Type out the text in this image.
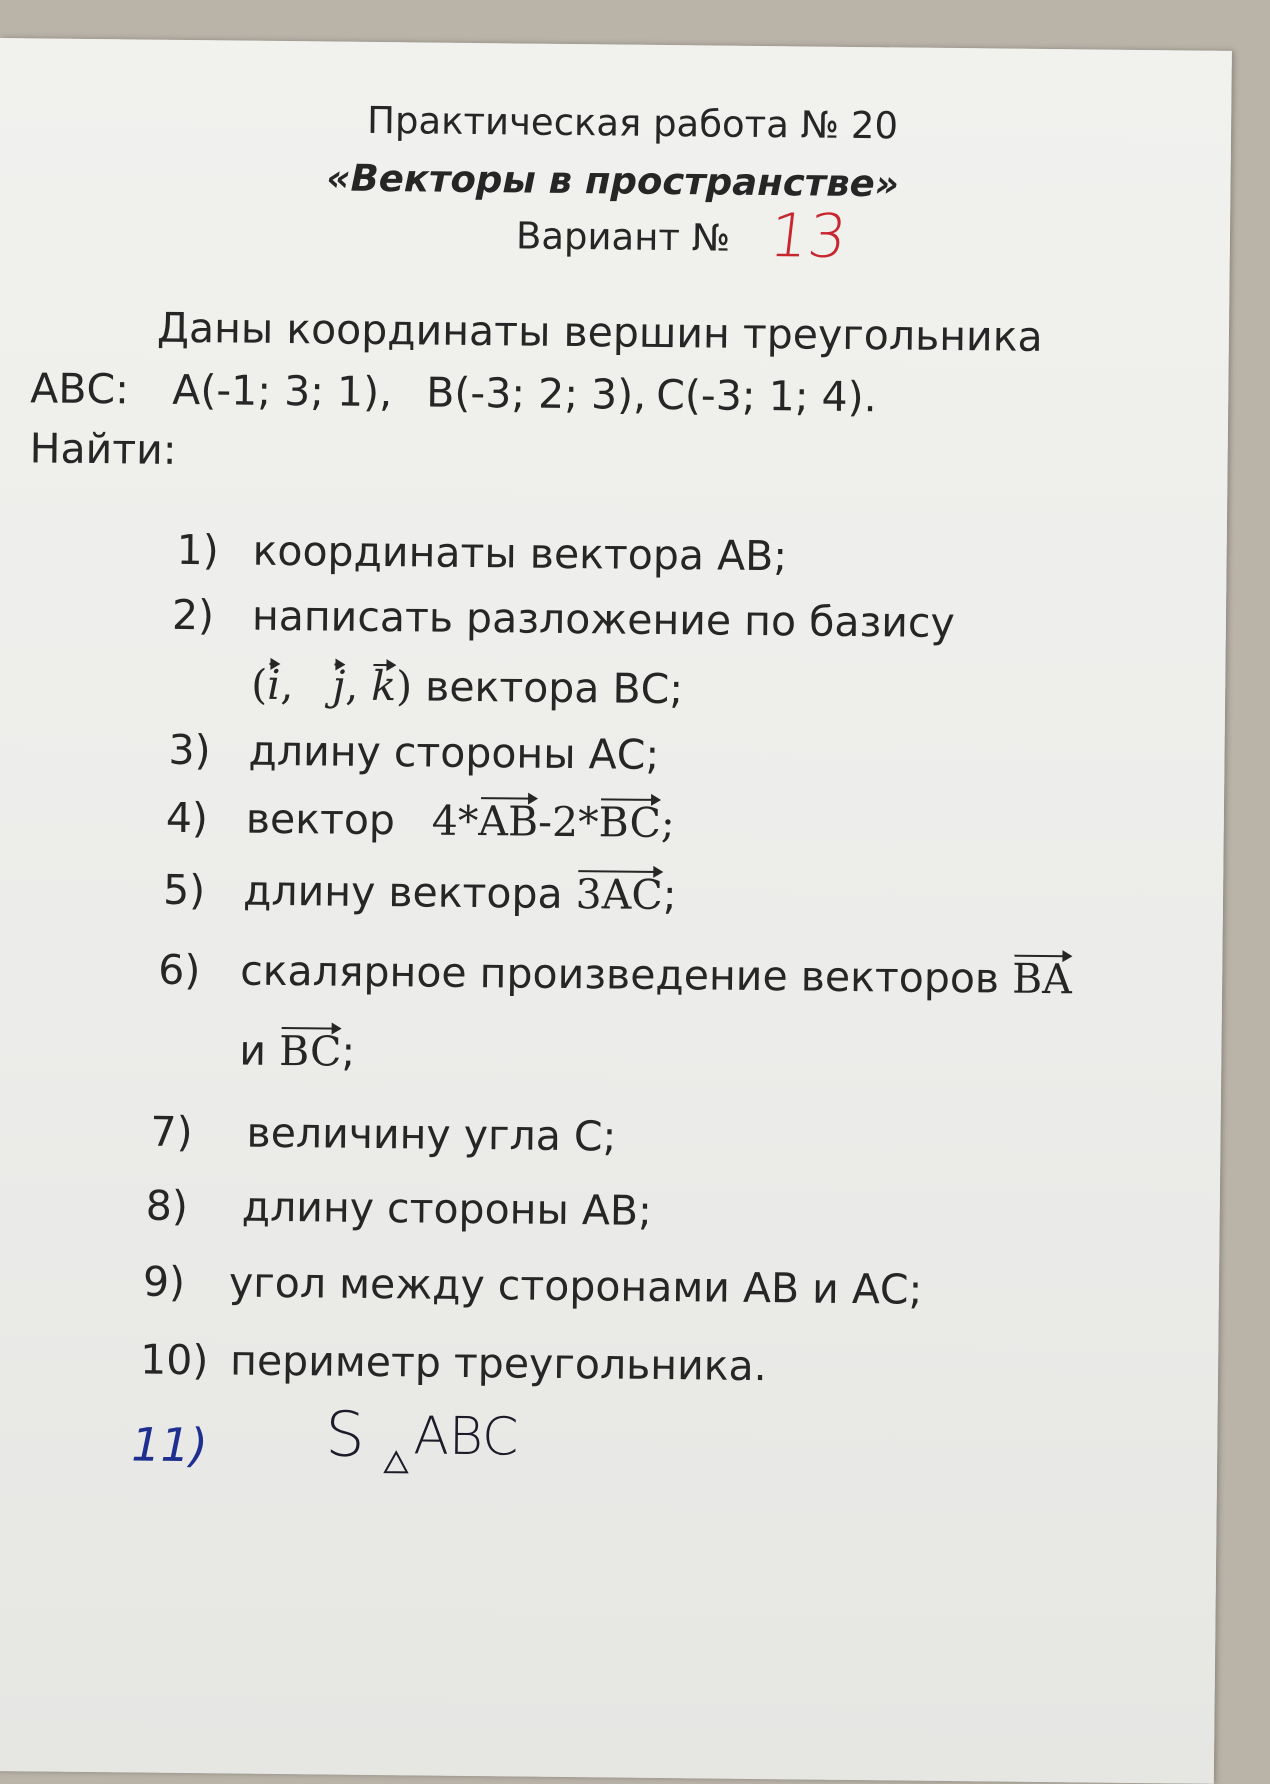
Практическая работа № 20
«Векторы в пространстве»
Вариант № 13
Даны координаты вершин треугольника
АВС: А(-1; 3; 1), В(-3; 2; 3), С(-3; 1; 4).
Найти:
1) координаты вектора АВ;
2) написать разложение по базису
(i,   j, k) вектора ВС;
3) длину стороны АС;
4) вектор 4*AB-2*BC;
5) длину вектора 3AC;
6) скалярное произведение векторов BA
и BC;
7) величину угла С;
8) длину стороны АВ;
9) угол между сторонами АВ и АС;
10) периметр треугольника.
11) S ABC
